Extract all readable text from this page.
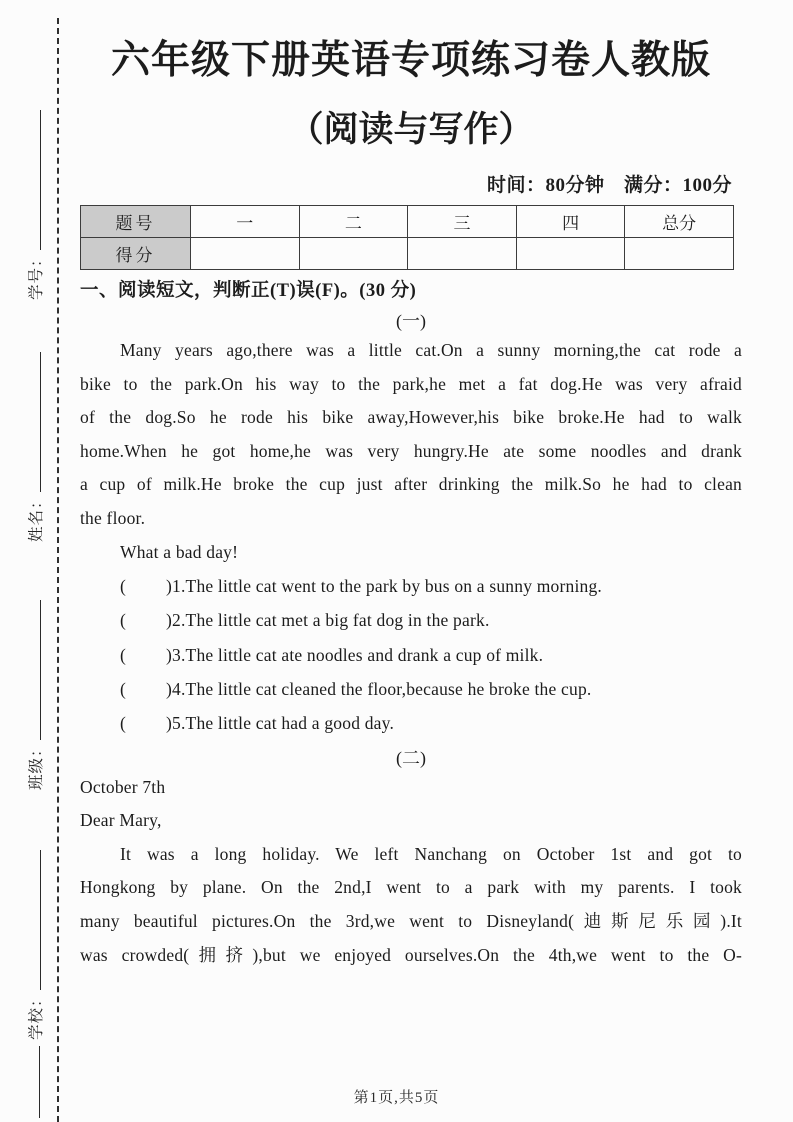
学校：
班级：
姓名：
学号：
六年级下册英语专项练习卷人教版
（阅读与写作）
时间：80分钟　满分：100分
题号	一	二	三	四	总分
得分					
一、阅读短文，判断正(T)误(F)。(30 分)
(一)
Many years ago,there was a little cat.On a sunny morning,the cat rode a
bike to the park.On his way to the park,he met a fat dog.He was very afraid
of the dog.So he rode his bike away,However,his bike broke.He had to walk
home.When he got home,he was very hungry.He ate some noodles and drank
a cup of milk.He broke the cup just after drinking the milk.So he had to clean
the floor.
What a bad day!
(　　 )1.The little cat went to the park by bus on a sunny morning.
(　　 )2.The little cat met a big fat dog in the park.
(　　 )3.The little cat ate noodles and drank a cup of milk.
(　　 )4.The little cat cleaned the floor,because he broke the cup.
(　　 )5.The little cat had a good day.
(二)
October 7th
Dear Mary,
It was a long holiday. We left Nanchang on October 1st and got to
Hongkong by plane. On the 2nd,I went to a park with my parents. I took
many beautiful pictures.On the 3rd,we went to Disneyland(迪斯尼乐园).It
was crowded(拥挤),but we enjoyed ourselves.On the 4th,we went to the O-
第1页,共5页
